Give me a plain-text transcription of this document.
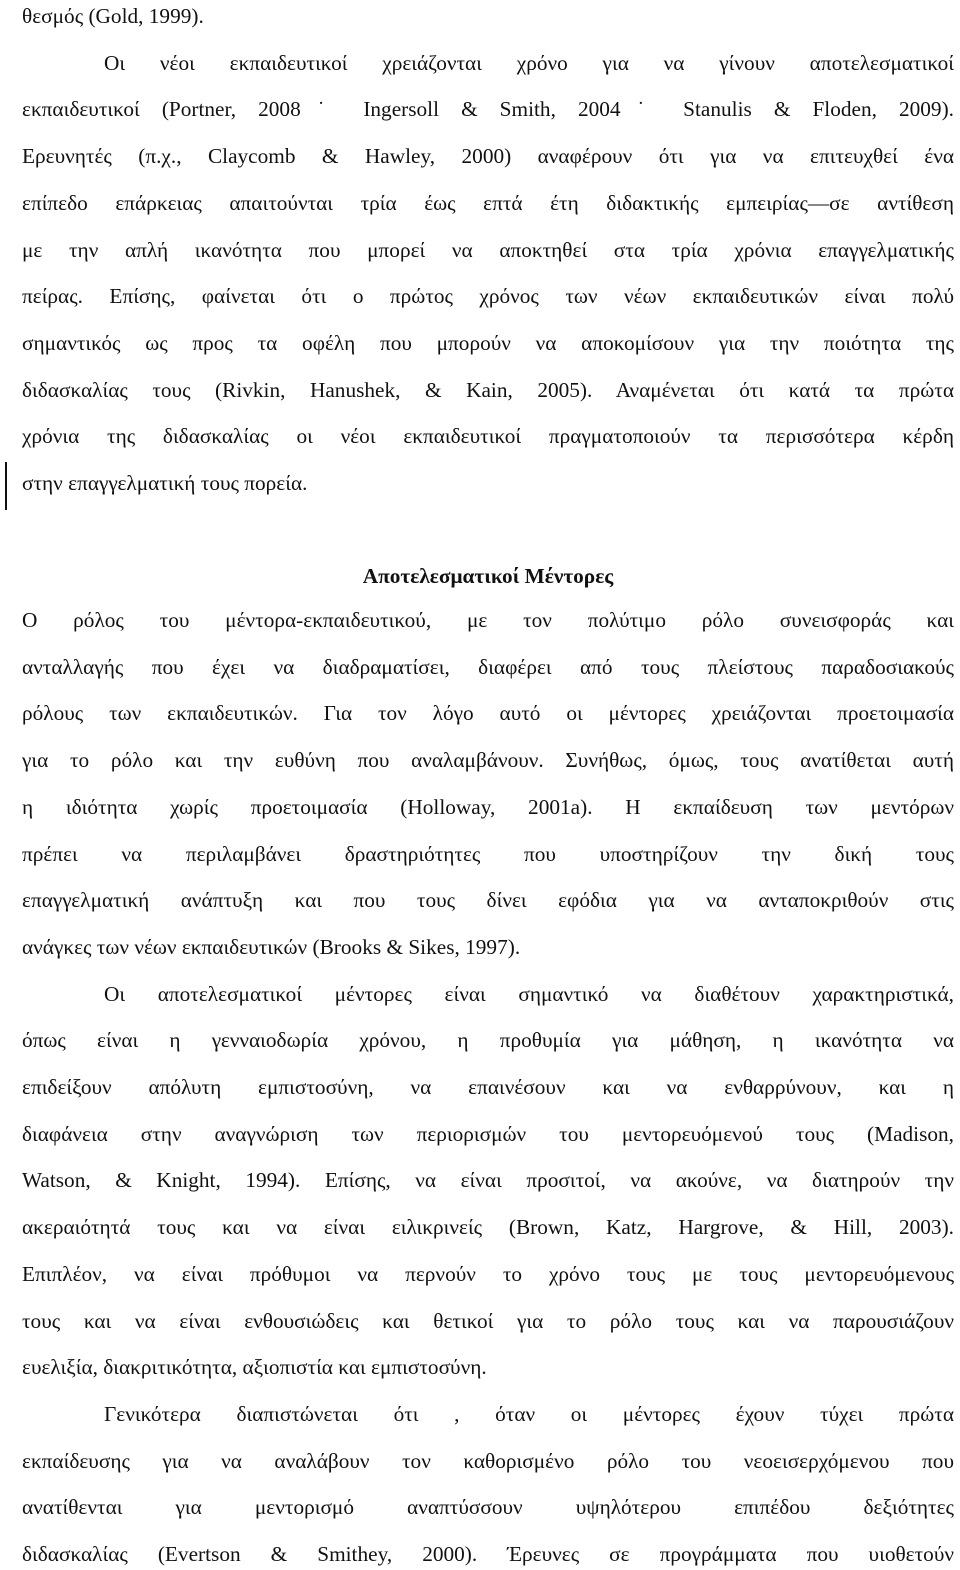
θεσμός (Gold, 1999).
Οι νέοι εκπαιδευτικοί χρειάζονται χρόνο για να γίνουν αποτελεσματικοί
εκπαιδευτικοί (Portner, 2008˙ Ingersoll & Smith, 2004˙ Stanulis & Floden, 2009).
Ερευνητές (π.χ., Claycomb & Hawley, 2000) αναφέρουν ότι για να επιτευχθεί ένα
επίπεδο επάρκειας απαιτούνται τρία έως επτά έτη διδακτικής εμπειρίας—σε αντίθεση
με την απλή ικανότητα που μπορεί να αποκτηθεί στα τρία χρόνια επαγγελματικής
πείρας. Επίσης, φαίνεται ότι ο πρώτος χρόνος των νέων εκπαιδευτικών είναι πολύ
σημαντικός ως προς τα οφέλη που μπορούν να αποκομίσουν για την ποιότητα της
διδασκαλίας τους (Rivkin, Hanushek, & Kain, 2005). Αναμένεται ότι κατά τα πρώτα
χρόνια της διδασκαλίας οι νέοι εκπαιδευτικοί πραγματοποιούν τα περισσότερα κέρδη
στην επαγγελματική τους πορεία.
Αποτελεσματικοί Μέντορες
Ο ρόλος του μέντορα-εκπαιδευτικού, με τον πολύτιμο ρόλο συνεισφοράς και
ανταλλαγής που έχει να διαδραματίσει, διαφέρει από τους πλείστους παραδοσιακούς
ρόλους των εκπαιδευτικών. Για τον λόγο αυτό οι μέντορες χρειάζονται προετοιμασία
για το ρόλο και την ευθύνη που αναλαμβάνουν. Συνήθως, όμως, τους ανατίθεται αυτή
η ιδιότητα χωρίς προετοιμασία (Holloway, 2001a). Η εκπαίδευση των μεντόρων
πρέπει να περιλαμβάνει δραστηριότητες που υποστηρίζουν την δική τους
επαγγελματική ανάπτυξη και που τους δίνει εφόδια για να ανταποκριθούν στις
ανάγκες των νέων εκπαιδευτικών (Brooks & Sikes, 1997).
Οι αποτελεσματικοί μέντορες είναι σημαντικό να διαθέτουν χαρακτηριστικά,
όπως είναι η γενναιοδωρία χρόνου, η προθυμία για μάθηση, η ικανότητα να
επιδείξουν απόλυτη εμπιστοσύνη, να επαινέσουν και να ενθαρρύνουν, και η
διαφάνεια στην αναγνώριση των περιορισμών του μεντορευόμενού τους (Madison,
Watson, & Knight, 1994). Επίσης, να είναι προσιτοί, να ακούνε, να διατηρούν την
ακεραιότητά τους και να είναι ειλικρινείς (Brown, Katz, Hargrove, & Hill, 2003).
Επιπλέον, να είναι πρόθυμοι να περνούν το χρόνο τους με τους μεντορευόμενους
τους και να είναι ενθουσιώδεις και θετικοί για το ρόλο τους και να παρουσιάζουν
ευελιξία, διακριτικότητα, αξιοπιστία και εμπιστοσύνη.
Γενικότερα διαπιστώνεται ότι , όταν οι μέντορες έχουν τύχει πρώτα
εκπαίδευσης για να αναλάβουν τον καθορισμένο ρόλο του νεοεισερχόμενου που
ανατίθενται για μεντορισμό αναπτύσσουν υψηλότερου επιπέδου δεξιότητες
διδασκαλίας (Evertson & Smithey, 2000). Έρευνες σε προγράμματα που υιοθετούν
